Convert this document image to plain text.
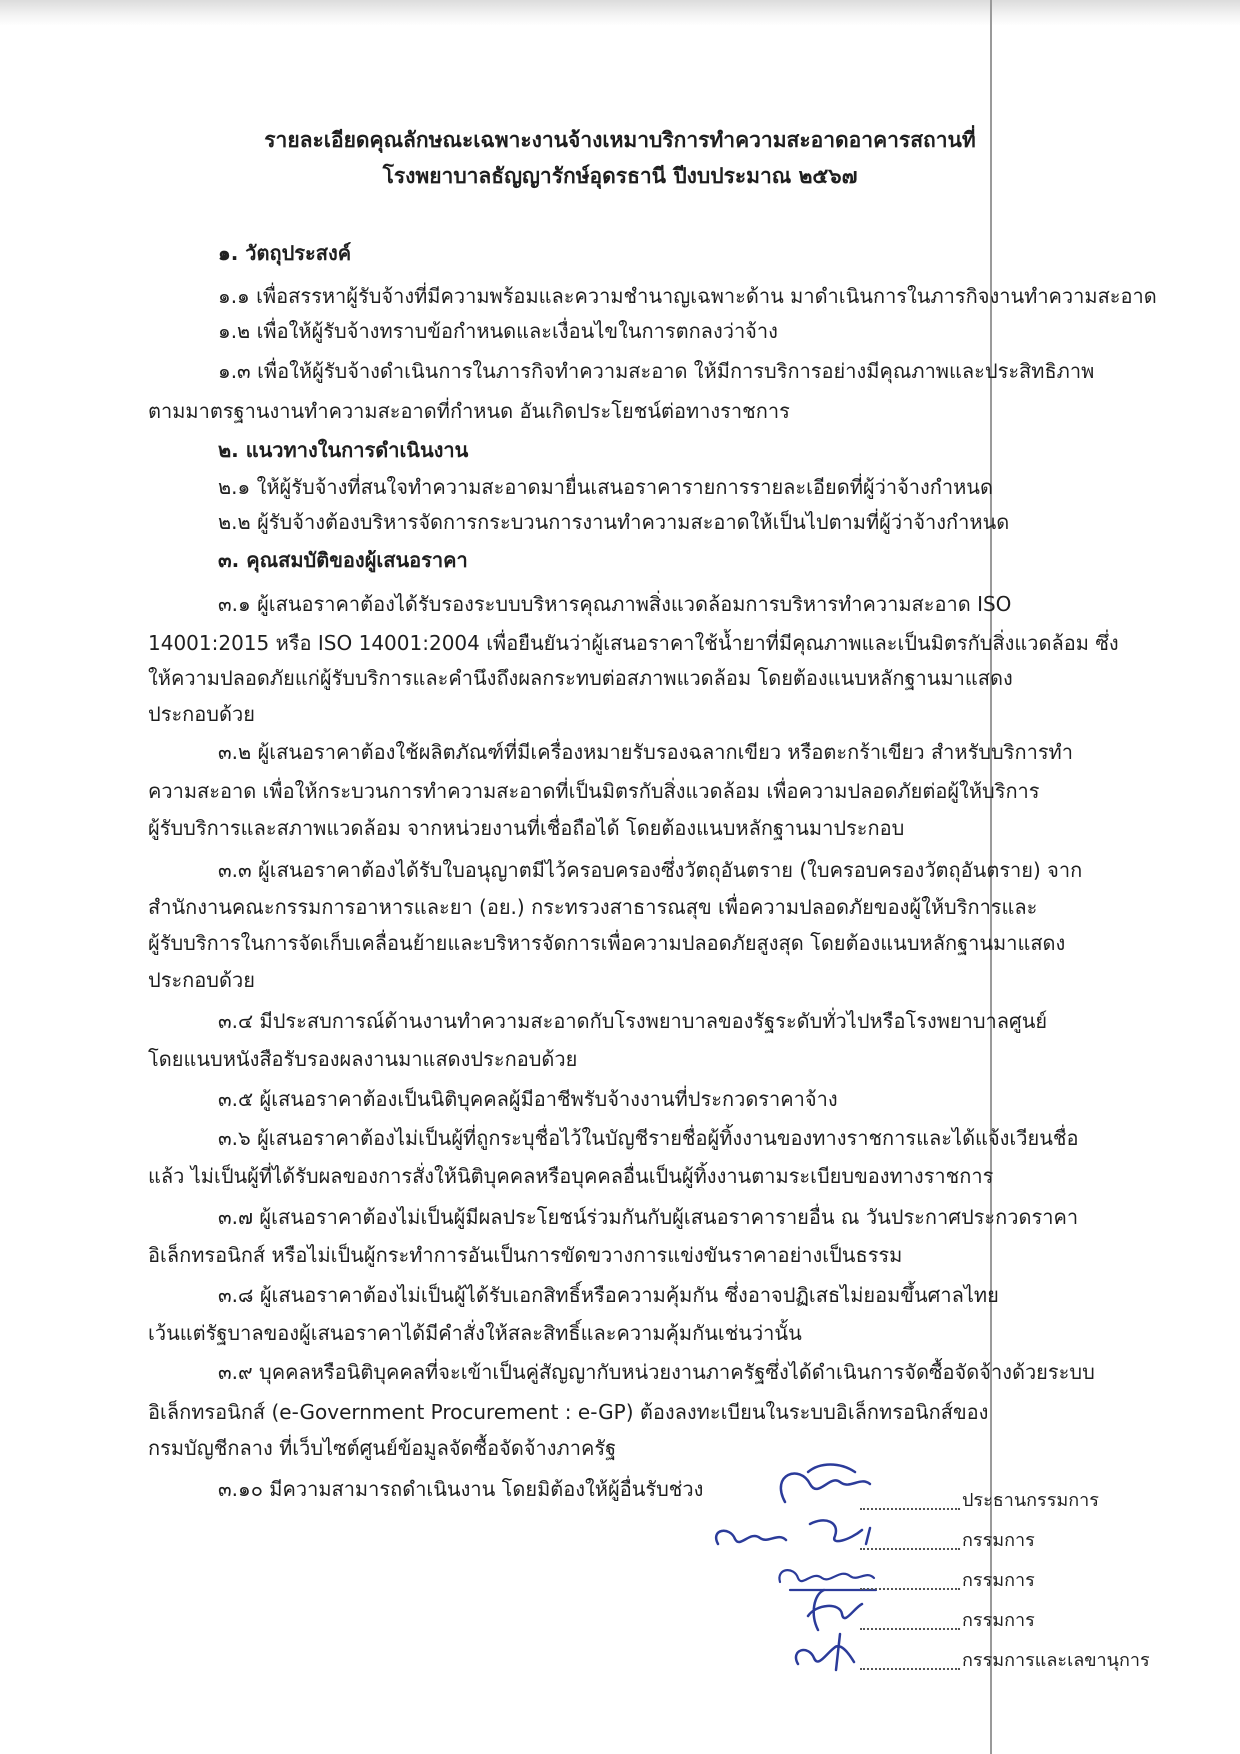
รายละเอียดคุณลักษณะเฉพาะงานจ้างเหมาบริการทำความสะอาดอาคารสถานที่
โรงพยาบาลธัญญารักษ์อุดรธานี ปีงบประมาณ ๒๕๖๗
๑. วัตถุประสงค์
๑.๑ เพื่อสรรหาผู้รับจ้างที่มีความพร้อมและความชำนาญเฉพาะด้าน มาดำเนินการในภารกิจงานทำความสะอาด
๑.๒ เพื่อให้ผู้รับจ้างทราบข้อกำหนดและเงื่อนไขในการตกลงว่าจ้าง
๑.๓ เพื่อให้ผู้รับจ้างดำเนินการในภารกิจทำความสะอาด ให้มีการบริการอย่างมีคุณภาพและประสิทธิภาพ
ตามมาตรฐานงานทำความสะอาดที่กำหนด อันเกิดประโยชน์ต่อทางราชการ
๒. แนวทางในการดำเนินงาน
๒.๑ ให้ผู้รับจ้างที่สนใจทำความสะอาดมายื่นเสนอราคารายการรายละเอียดที่ผู้ว่าจ้างกำหนด
๒.๒ ผู้รับจ้างต้องบริหารจัดการกระบวนการงานทำความสะอาดให้เป็นไปตามที่ผู้ว่าจ้างกำหนด
๓. คุณสมบัติของผู้เสนอราคา
๓.๑ ผู้เสนอราคาต้องได้รับรองระบบบริหารคุณภาพสิ่งแวดล้อมการบริหารทำความสะอาด ISO
14001:2015 หรือ ISO 14001:2004 เพื่อยืนยันว่าผู้เสนอราคาใช้น้ำยาที่มีคุณภาพและเป็นมิตรกับสิ่งแวดล้อม ซึ่ง
ให้ความปลอดภัยแก่ผู้รับบริการและคำนึงถึงผลกระทบต่อสภาพแวดล้อม โดยต้องแนบหลักฐานมาแสดง
ประกอบด้วย
๓.๒ ผู้เสนอราคาต้องใช้ผลิตภัณฑ์ที่มีเครื่องหมายรับรองฉลากเขียว หรือตะกร้าเขียว สำหรับบริการทำ
ความสะอาด เพื่อให้กระบวนการทำความสะอาดที่เป็นมิตรกับสิ่งแวดล้อม เพื่อความปลอดภัยต่อผู้ให้บริการ
ผู้รับบริการและสภาพแวดล้อม จากหน่วยงานที่เชื่อถือได้ โดยต้องแนบหลักฐานมาประกอบ
๓.๓ ผู้เสนอราคาต้องได้รับใบอนุญาตมีไว้ครอบครองซึ่งวัตถุอันตราย (ใบครอบครองวัตถุอันตราย) จาก
สำนักงานคณะกรรมการอาหารและยา (อย.) กระทรวงสาธารณสุข เพื่อความปลอดภัยของผู้ให้บริการและ
ผู้รับบริการในการจัดเก็บเคลื่อนย้ายและบริหารจัดการเพื่อความปลอดภัยสูงสุด โดยต้องแนบหลักฐานมาแสดง
ประกอบด้วย
๓.๔ มีประสบการณ์ด้านงานทำความสะอาดกับโรงพยาบาลของรัฐระดับทั่วไปหรือโรงพยาบาลศูนย์
โดยแนบหนังสือรับรองผลงานมาแสดงประกอบด้วย
๓.๕ ผู้เสนอราคาต้องเป็นนิติบุคคลผู้มีอาชีพรับจ้างงานที่ประกวดราคาจ้าง
๓.๖ ผู้เสนอราคาต้องไม่เป็นผู้ที่ถูกระบุชื่อไว้ในบัญชีรายชื่อผู้ทิ้งงานของทางราชการและได้แจ้งเวียนชื่อ
แล้ว ไม่เป็นผู้ที่ได้รับผลของการสั่งให้นิติบุคคลหรือบุคคลอื่นเป็นผู้ทิ้งงานตามระเบียบของทางราชการ
๓.๗ ผู้เสนอราคาต้องไม่เป็นผู้มีผลประโยชน์ร่วมกันกับผู้เสนอราคารายอื่น ณ วันประกาศประกวดราคา
อิเล็กทรอนิกส์ หรือไม่เป็นผู้กระทำการอันเป็นการขัดขวางการแข่งขันราคาอย่างเป็นธรรม
๓.๘ ผู้เสนอราคาต้องไม่เป็นผู้ได้รับเอกสิทธิ์หรือความคุ้มกัน ซึ่งอาจปฏิเสธไม่ยอมขึ้นศาลไทย
เว้นแต่รัฐบาลของผู้เสนอราคาได้มีคำสั่งให้สละสิทธิ์และความคุ้มกันเช่นว่านั้น
๓.๙ บุคคลหรือนิติบุคคลที่จะเข้าเป็นคู่สัญญากับหน่วยงานภาครัฐซึ่งได้ดำเนินการจัดซื้อจัดจ้างด้วยระบบ
อิเล็กทรอนิกส์ (e-Government Procurement : e-GP) ต้องลงทะเบียนในระบบอิเล็กทรอนิกส์ของ
กรมบัญชีกลาง ที่เว็บไซต์ศูนย์ข้อมูลจัดซื้อจัดจ้างภาครัฐ
๓.๑๐ มีความสามารถดำเนินงาน โดยมิต้องให้ผู้อื่นรับช่วง	ประธานกรรมการ
กรรมการ
กรรมการ
กรรมการ
กรรมการและเลขานุการ
